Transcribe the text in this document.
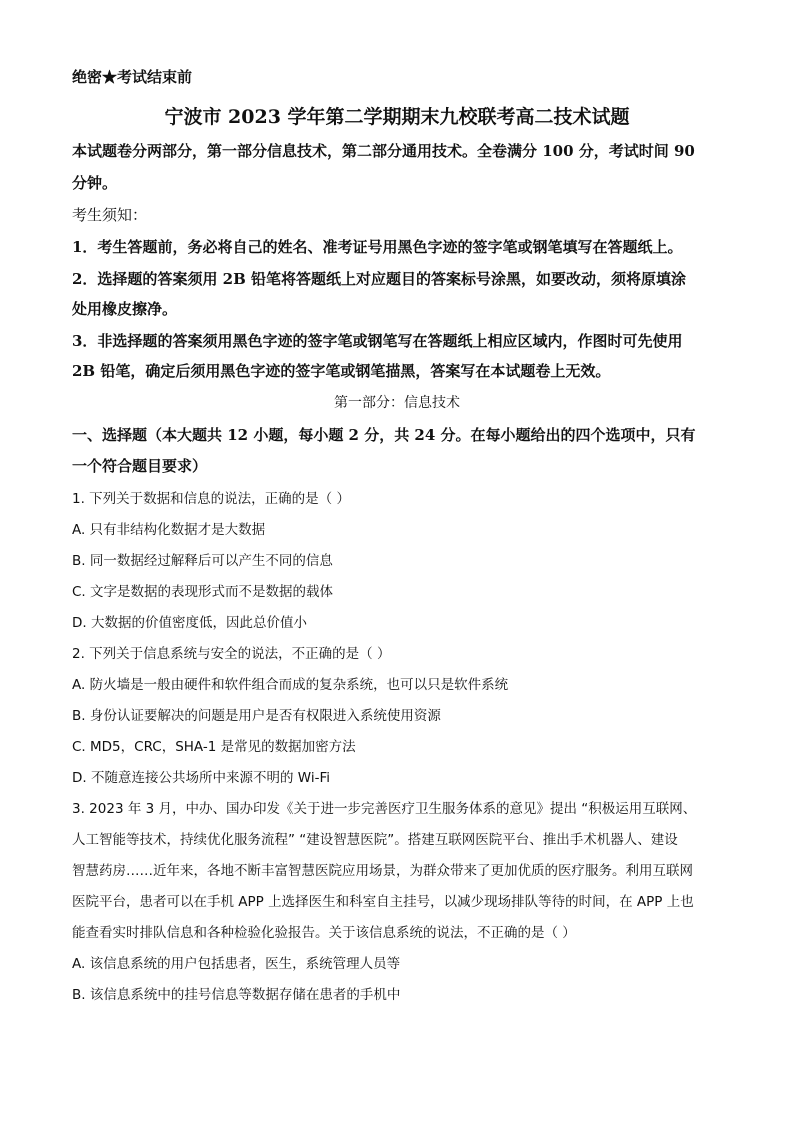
绝密★考试结束前
宁波市 2023 学年第二学期期末九校联考高二技术试题
本试题卷分两部分，第一部分信息技术，第二部分通用技术。全卷满分 100 分，考试时间 90
分钟。
考生须知：
1．考生答题前，务必将自己的姓名、准考证号用黑色字迹的签字笔或钢笔填写在答题纸上。
2．选择题的答案须用 2B 铅笔将答题纸上对应题目的答案标号涂黑，如要改动，须将原填涂
处用橡皮擦净。
3．非选择题的答案须用黑色字迹的签字笔或钢笔写在答题纸上相应区域内，作图时可先使用
2B 铅笔，确定后须用黑色字迹的签字笔或钢笔描黑，答案写在本试题卷上无效。
第一部分：信息技术
一、选择题（本大题共 12 小题，每小题 2 分，共 24 分。在每小题给出的四个选项中，只有
一个符合题目要求）
1. 下列关于数据和信息的说法，正确的是（ ）
A. 只有非结构化数据才是大数据
B. 同一数据经过解释后可以产生不同的信息
C. 文字是数据的表现形式而不是数据的载体
D. 大数据的价值密度低，因此总价值小
2. 下列关于信息系统与安全的说法，不正确的是（ ）
A. 防火墙是一般由硬件和软件组合而成的复杂系统，也可以只是软件系统
B. 身份认证要解决的问题是用户是否有权限进入系统使用资源
C. MD5，CRC，SHA-1 是常见的数据加密方法
D. 不随意连接公共场所中来源不明的 Wi-Fi
3. 2023 年 3 月，中办、国办印发《关于进一步完善医疗卫生服务体系的意见》提出 “积极运用互联网、
人工智能等技术，持续优化服务流程” “建设智慧医院”。搭建互联网医院平台、推出手术机器人、建设
智慧药房……近年来，各地不断丰富智慧医院应用场景，为群众带来了更加优质的医疗服务。利用互联网
医院平台，患者可以在手机 APP 上选择医生和科室自主挂号，以减少现场排队等待的时间，在 APP 上也
能查看实时排队信息和各种检验化验报告。关于该信息系统的说法，不正确的是（ ）
A. 该信息系统的用户包括患者，医生，系统管理人员等
B. 该信息系统中的挂号信息等数据存储在患者的手机中
